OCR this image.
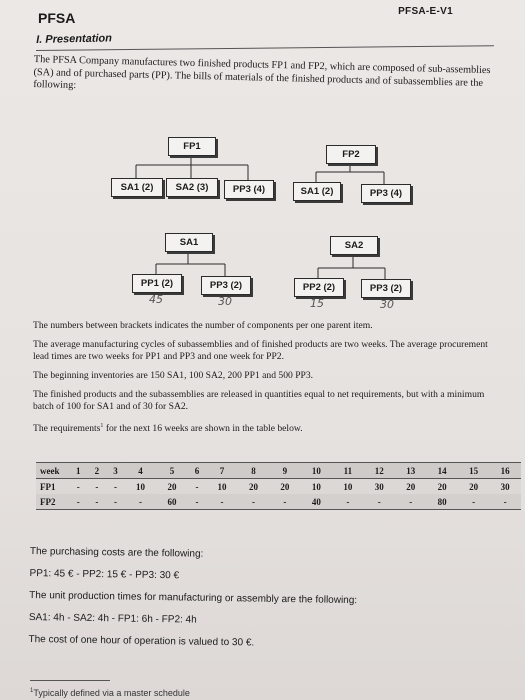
PFSA-E-V1
PFSA
I. Presentation
The PFSA Company manufactures two finished products FP1 and FP2, which are composed of sub-assemblies (SA) and of purchased parts (PP). The bills of materials of the finished products and of subassemblies are the following:
FP1
FP2
SA1 (2)	SA2 (3)	PP3 (4)	SA1 (2)	PP3 (4)
SA1	SA2
PP1 (2)	PP3 (2)	PP2 (2)	PP3 (2)
45	30	15	30

The numbers between brackets indicates the number of components per one parent item.

The average manufacturing cycles of subassemblies and of finished products are two weeks. The average procurement lead times are two weeks for PP1 and PP3 and one week for PP2.

The beginning inventories are 150 SA1, 100 SA2, 200 PP1 and 500 PP3.

The finished products and the subassemblies are released in quantities equal to net requirements, but with a minimum batch of 100 for SA1 and of 30 for SA2.

The requirements$^1$ for the next 16 weeks are shown in the table below.

week	1	2	3	4	5	6	7	8	9	10	11	12	13	14	15	16
FP1	-	-	-	10	20	-	10	20	20	10	10	30	20	20	20	30
FP2	-	-	-	-	60	-	-	-	-	40	-	-	-	80	-	-

The purchasing costs are the following:

PP1: 45 € - PP2: 15 € - PP3: 30 €

The unit production times for manufacturing or assembly are the following:

SA1: 4h - SA2: 4h - FP1: 6h - FP2: 4h

The cost of one hour of operation is valued to 30 €.

$^1$Typically defined via a master schedule
